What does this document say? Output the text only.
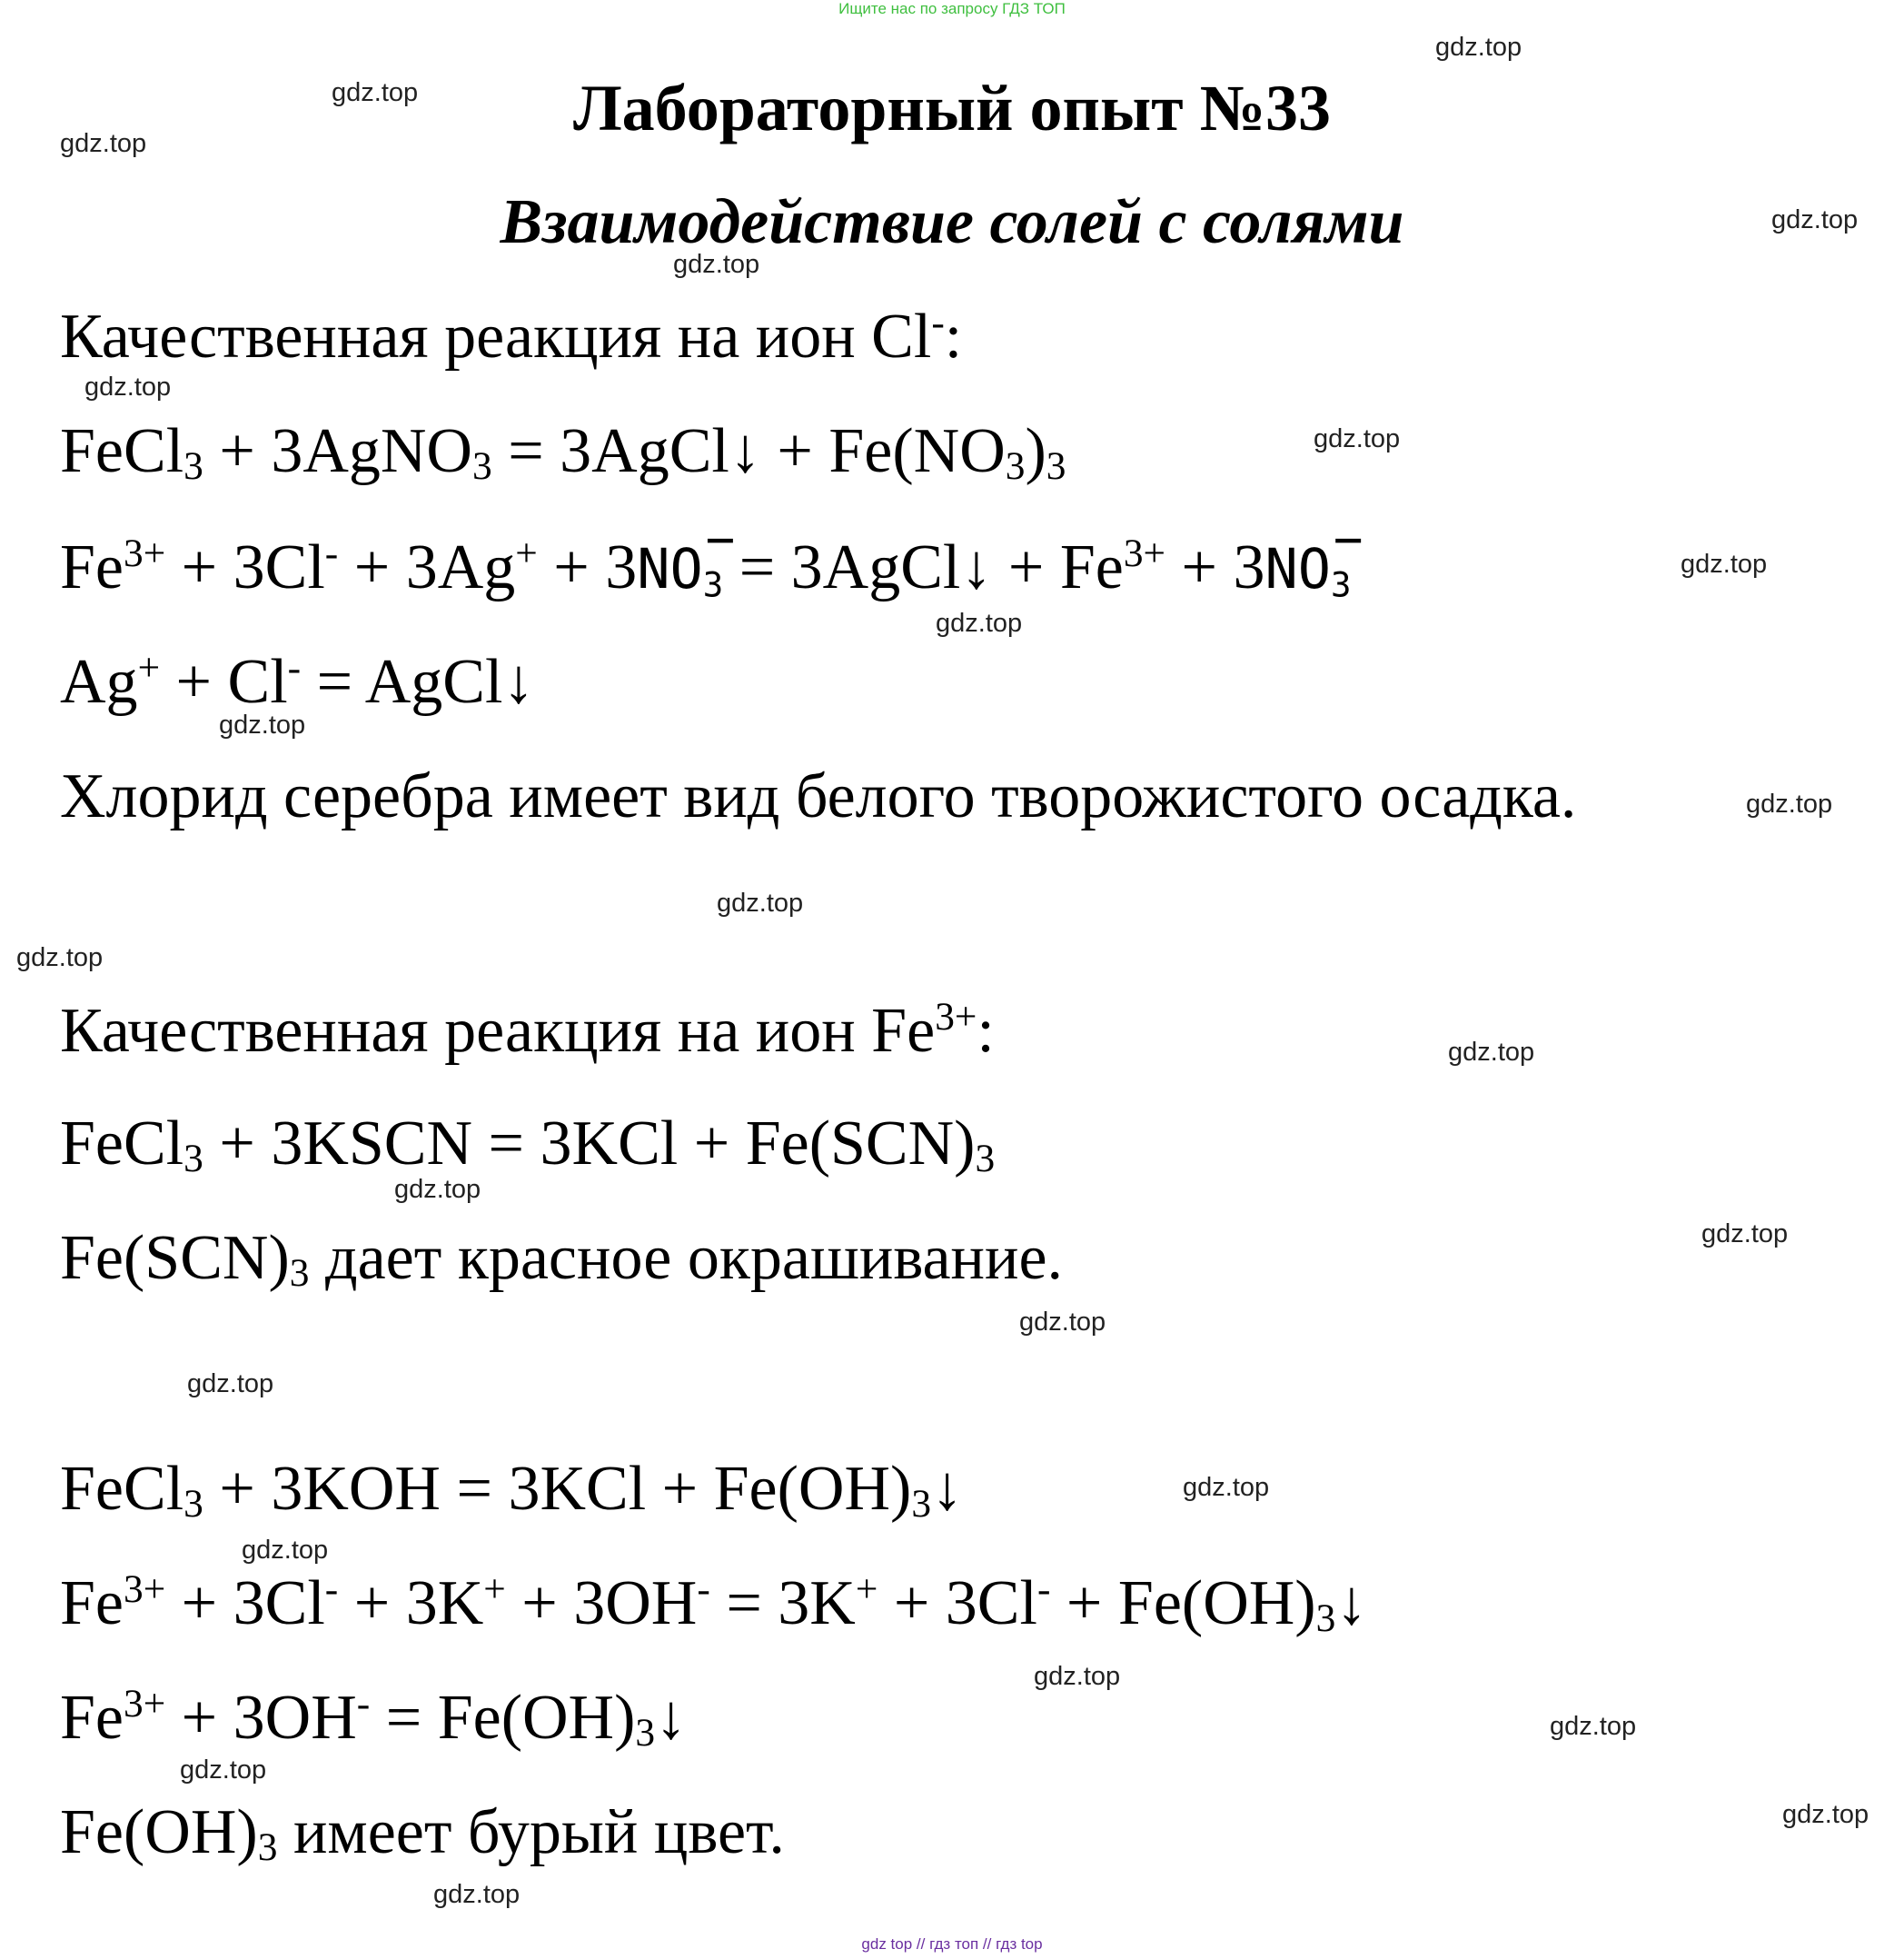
Ищите нас по запросу ГДЗ ТОП
Лабораторный опыт №33
Взаимодействие солей с солями
Качественная реакция на ион Cl-:
FeCl$_3$ + 3AgNO$_3$ = 3AgCl↓ + $Fe(NO_3)_3$
$Fe^{3+} + 3Cl^- + 3Ag^+ + 3NO$ −
3 = 3AgCl↓ + $Fe^{3+} + 3NO$ −
3
Ag+ + Cl- = AgCl↓
Хлорид серебра имеет вид белого творожистого осадка.
Качественная реакция на ион $Fe^{3+}$:
FeCl$_3$ + 3KSCN = $3KCl + Fe(SCN)_3$
$Fe(SCN)_3$ дает красное окрашивание.
FeCl$_3$ + $3KOH = 3KCl + Fe(OH)_3↓$
$Fe^{3+} + 3Cl^- + 3K^+ + 3OH^- = 3K^+ + 3Cl^-$ + $Fe(OH)_3↓$
$Fe^{3+} + 3OH^-$ = $Fe(OH)_3↓$
$Fe(OH)_3$ имеет бурый цвет.
gdz.top
gdz.top
gdz.top
gdz.top
gdz.top
gdz.top
gdz.top
gdz.top
gdz.top
gdz.top
gdz.top
gdz.top
gdz.top
gdz.top
gdz.top
gdz.top
gdz.top
gdz.top
gdz.top
gdz.top
gdz.top
gdz.top
gdz.top
gdz.top
gdz.top
gdz top // гдз топ // гдз top
